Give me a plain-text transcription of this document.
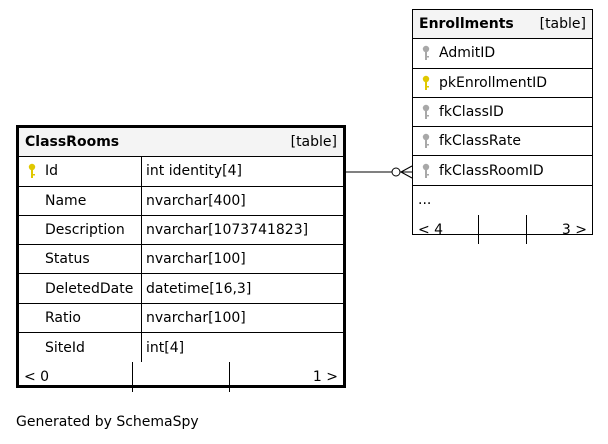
Enrollments [table]
AdmitID
pkEnrollmentID
fkClassID
fkClassRate
fkClassRoomID
...
< 4	3 >
ClassRooms	[table]
Id	int identity[4]
Name	nvarchar[400]
Description nvarchar[1073741823]
Status	nvarchar[100]
DeletedDate datetime[16,3]
Ratio	nvarchar[100]
SiteId	int[4]
< 0	1 >
Generated by SchemaSpy
